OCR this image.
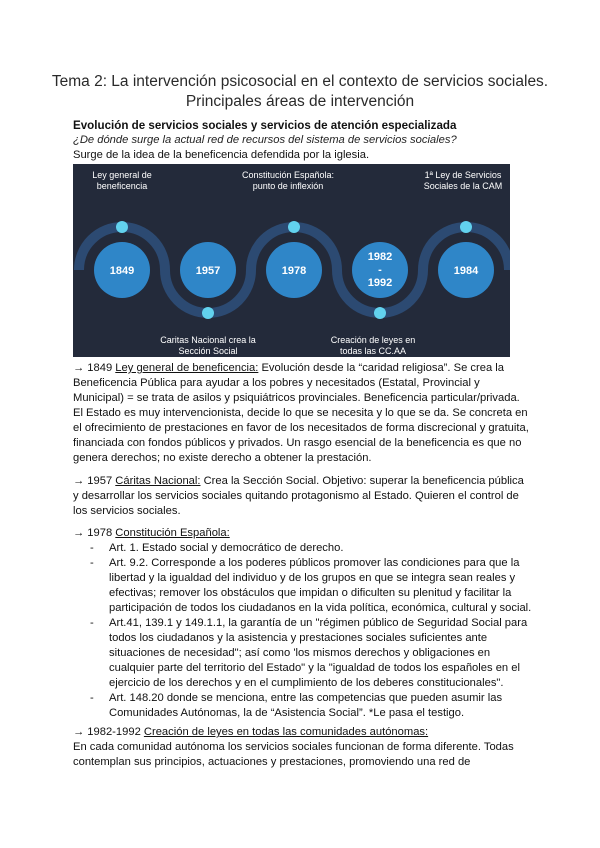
Tema 2: La intervención psicosocial en el contexto de servicios sociales.
Principales áreas de intervención
Evolución de servicios sociales y servicios de atención especializada
¿De dónde surge la actual red de recursos del sistema de servicios sociales?
Surge de la idea de la beneficencia defendida por la iglesia.
1849	1957	1978
1982
-
1992
1984
Ley general de
beneficencia
Constitución Española:
punto de inflexión
1ª Ley de Servicios
Sociales de la CAM
Caritas Nacional crea la
Sección Social
Creación de leyes en
todas las CC.AA

→ 1849 Ley general de beneficencia: Evolución desde la “caridad religiosa”. Se crea la

Beneficencia Pública para ayudar a los pobres y necesitados (Estatal, Provincial y

Municipal) = se trata de asilos y psiquiátricos provinciales. Beneficencia particular/privada.

El Estado es muy intervencionista, decide lo que se necesita y lo que se da. Se concreta en

el ofrecimiento de prestaciones en favor de los necesitados de forma discrecional y gratuita,

financiada con fondos públicos y privados. Un rasgo esencial de la beneficencia es que no

genera derechos; no existe derecho a obtener la prestación.

→ 1957 Cáritas Nacional: Crea la Sección Social. Objetivo: superar la beneficencia pública

y desarrollar los servicios sociales quitando protagonismo al Estado. Quieren el control de

los servicios sociales.

→ 1978 Constitución Española:

- Art. 1. Estado social y democrático de derecho.
- Art. 9.2. Corresponde a los poderes públicos promover las condiciones para que la
libertad y la igualdad del individuo y de los grupos en que se integra sean reales y
efectivas; remover los obstáculos que impidan o dificulten su plenitud y facilitar la
participación de todos los ciudadanos en la vida política, económica, cultural y social.
- Art.41, 139.1 y 149.1.1, la garantía de un "régimen público de Seguridad Social para
todos los ciudadanos y la asistencia y prestaciones sociales suficientes ante
situaciones de necesidad"; así como 'los mismos derechos y obligaciones en
cualquier parte del territorio del Estado" y la "igualdad de todos los españoles en el
ejercicio de los derechos y en el cumplimiento de los deberes constitucionales".
- Art. 148.20 donde se menciona, entre las competencias que pueden asumir las
Comunidades Autónomas, la de “Asistencia Social”. *Le pasa el testigo.

→ 1982-1992 Creación de leyes en todas las comunidades autónomas:

En cada comunidad autónoma los servicios sociales funcionan de forma diferente. Todas

contemplan sus principios, actuaciones y prestaciones, promoviendo una red de
